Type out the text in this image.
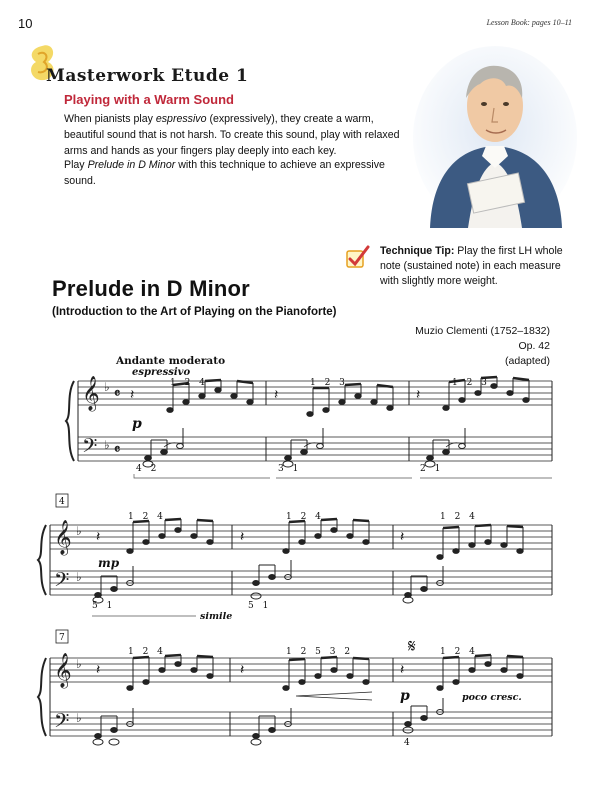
10	Lesson Book: pages 10–11
Masterwork Etude 1
Playing with a Warm Sound
When pianists play espressivo (expressively), they create a warm, beautiful sound that is not harsh. To create this sound, play with relaxed arms and hands as your fingers play deeply into each key.
Play Prelude in D Minor with this technique to achieve an expressive sound.
Technique Tip: Play the first LH whole note (sustained note) in each measure with slightly more weight.
Prelude in D Minor
(Introduction to the Art of Playing on the Pianoforte)
Muzio Clementi (1752–1832)
Op. 42
(adapted)
𝄞
𝄢
𝄞
𝄢
𝄞
𝄢
♭
♭
♭
♭
♭
♭
𝄴
𝄴
𝄽	𝄽	𝄽
𝄽	𝄽	𝄽
𝄽	𝄽	𝄽
Andante moderato
espressivo
p
mp
p
simile
poco cresc.
4
7	𝄋
1 2 4	1 2 3	1 2 3
4 2	3 1	2 1
1 2 4	1 2 4	1 2 4
5 1	5 1
1 2 4	1 2 5 3 2	1 2 4
4
